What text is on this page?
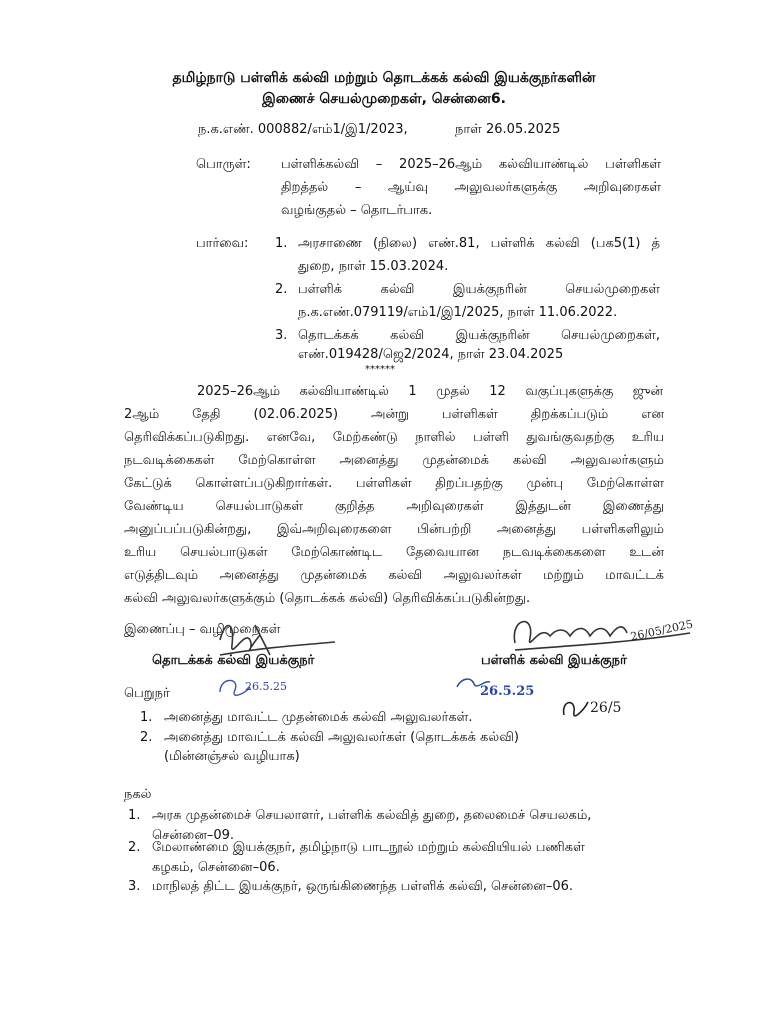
தமிழ்நாடு பள்ளிக் கல்வி மற்றும் தொடக்கக் கல்வி இயக்குநர்களின்
இணைச் செயல்முறைகள், சென்னை6.
ந.க.எண். 000882/எம்1/இ1/2023,	நாள் 26.05.2025
பொருள்: பள்ளிக்கல்வி – 2025–26ஆம் கல்வியாண்டில் பள்ளிகள்
திறத்தல் – ஆய்வு அலுவலர்களுக்கு அறிவுரைகள்
வழங்குதல் – தொடர்பாக.
பார்வை: 1. அரசாணை (நிலை) எண்.81, பள்ளிக் கல்வி (பக5(1) த்
துறை, நாள் 15.03.2024.
2. பள்ளிக் கல்வி இயக்குநரின் செயல்முறைகள்
ந.க.எண்.079119/எம்1/இ1/2025, நாள் 11.06.2022.
3. தொடக்கக் கல்வி இயக்குநரின் செயல்முறைகள்,
எண்.019428/ஜெ2/2024, நாள் 23.04.2025
******
2025–26ஆம் கல்வியாண்டில் 1 முதல் 12 வகுப்புகளுக்கு ஜுன்
2ஆம் தேதி (02.06.2025) அன்று பள்ளிகள் திறக்கப்படும் என
தெரிவிக்கப்படுகிறது. எனவே, மேற்கண்டு நாளில் பள்ளி துவங்குவதற்கு உரிய
நடவடிக்கைகள் மேற்கொள்ள அனைத்து முதன்மைக் கல்வி அலுவலர்களும்
கேட்டுக் கொள்ளப்படுகிறார்கள். பள்ளிகள் திறப்பதற்கு முன்பு மேற்கொள்ள
வேண்டிய செயல்பாடுகள் குறித்த அறிவுரைகள் இத்துடன் இணைத்து
அனுப்பப்படுகின்றது, இவ்அறிவுரைகளை பின்பற்றி அனைத்து பள்ளிகளிலும்
உரிய செயல்பாடுகள் மேற்கொண்டிட தேவையான நடவடிக்கைகளை உடன்
எடுத்திடவும் அனைத்து முதன்மைக் கல்வி அலுவலர்கள் மற்றும் மாவட்டக்
கல்வி அலுவலர்களுக்கும் (தொடக்கக் கல்வி) தெரிவிக்கப்படுகின்றது.
இணைப்பு – வழிமுறைகள்	26/05/2025
தொடக்கக் கல்வி இயக்குநர்	பள்ளிக் கல்வி இயக்குநர்
26.5.25	26.5.25
26/5
பெறுநர்
1. அனைத்து மாவட்ட முதன்மைக் கல்வி அலுவலர்கள்.
2. அனைத்து மாவட்டக் கல்வி அலுவலர்கள் (தொடக்கக் கல்வி)
(மின்னஞ்சல் வழியாக)
நகல்
1. அரசு முதன்மைச் செயலாளர், பள்ளிக் கல்வித் துறை, தலைமைச் செயலகம்,
சென்னை–09.
2. மேலாண்மை இயக்குநர், தமிழ்நாடு பாடநூல் மற்றும் கல்வியியல் பணிகள்
கழகம், சென்னை–06.
3. மாநிலத் திட்ட இயக்குநர், ஒருங்கிணைந்த பள்ளிக் கல்வி, சென்னை–06.
